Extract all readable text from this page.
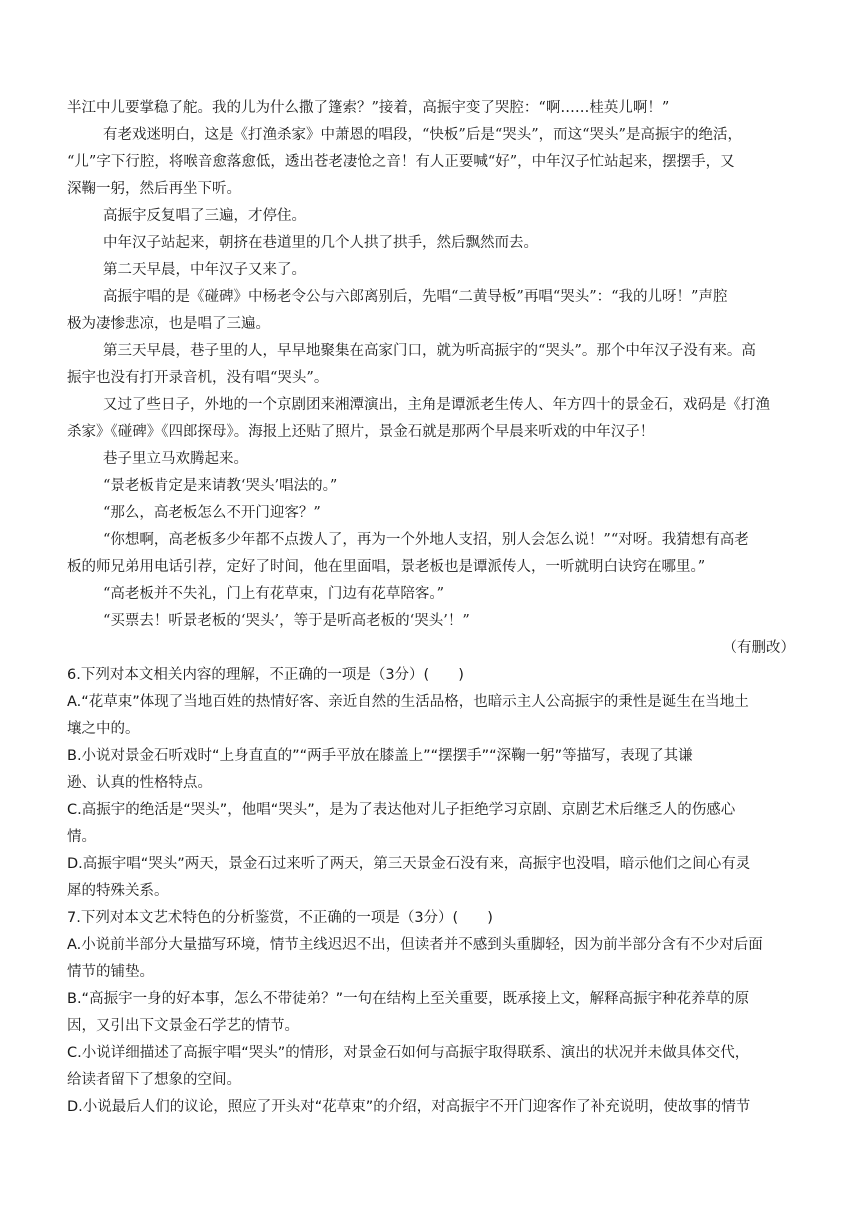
半江中儿要掌稳了舵。我的儿为什么撒了篷索？”接着，高振宇变了哭腔：“啊……桂英儿啊！”
有老戏迷明白，这是《打渔杀家》中萧恩的唱段，“快板”后是“哭头”，而这“哭头”是高振宇的绝活，
“儿”字下行腔，将喉音愈落愈低，透出苍老凄怆之音！有人正要喊“好”，中年汉子忙站起来，摆摆手，又
深鞠一躬，然后再坐下听。
高振宇反复唱了三遍，才停住。
中年汉子站起来，朝挤在巷道里的几个人拱了拱手，然后飘然而去。
第二天早晨，中年汉子又来了。
高振宇唱的是《碰碑》中杨老令公与六郎离别后，先唱“二黄导板”再唱“哭头”：“我的儿呀！”声腔
极为凄惨悲凉，也是唱了三遍。
第三天早晨，巷子里的人，早早地聚集在高家门口，就为听高振宇的“哭头”。那个中年汉子没有来。高
振宇也没有打开录音机，没有唱“哭头”。
又过了些日子，外地的一个京剧团来湘潭演出，主角是谭派老生传人、年方四十的景金石，戏码是《打渔
杀家》《碰碑》《四郎探母》。海报上还贴了照片，景金石就是那两个早晨来听戏的中年汉子！
巷子里立马欢腾起来。
“景老板肯定是来请教‘哭头’唱法的。”
“那么，高老板怎么不开门迎客？”
“你想啊，高老板多少年都不点拨人了，再为一个外地人支招，别人会怎么说！”“对呀。我猜想有高老
板的师兄弟用电话引荐，定好了时间，他在里面唱，景老板也是谭派传人，一听就明白诀窍在哪里。”
“高老板并不失礼，门上有花草束，门边有花草陪客。”
“买票去！听景老板的‘哭头’，等于是听高老板的‘哭头’！”
（有删改）
6.下列对本文相关内容的理解，不正确的一项是（3分）(　　)
A.“花草束”体现了当地百姓的热情好客、亲近自然的生活品格，也暗示主人公高振宇的秉性是诞生在当地土
壤之中的。
B.小说对景金石听戏时“上身直直的”“两手平放在膝盖上”“摆摆手”“深鞠一躬”等描写，表现了其谦
逊、认真的性格特点。
C.高振宇的绝活是“哭头”，他唱“哭头”，是为了表达他对儿子拒绝学习京剧、京剧艺术后继乏人的伤感心
情。
D.高振宇唱“哭头”两天，景金石过来听了两天，第三天景金石没有来，高振宇也没唱，暗示他们之间心有灵
犀的特殊关系。
7.下列对本文艺术特色的分析鉴赏，不正确的一项是（3分）(　　)
A.小说前半部分大量描写环境，情节主线迟迟不出，但读者并不感到头重脚轻，因为前半部分含有不少对后面
情节的铺垫。
B.“高振宇一身的好本事，怎么不带徒弟？”一句在结构上至关重要，既承接上文，解释高振宇种花养草的原
因，又引出下文景金石学艺的情节。
C.小说详细描述了高振宇唱“哭头”的情形，对景金石如何与高振宇取得联系、演出的状况并未做具体交代，
给读者留下了想象的空间。
D.小说最后人们的议论，照应了开头对“花草束”的介绍，对高振宇不开门迎客作了补充说明，使故事的情节
